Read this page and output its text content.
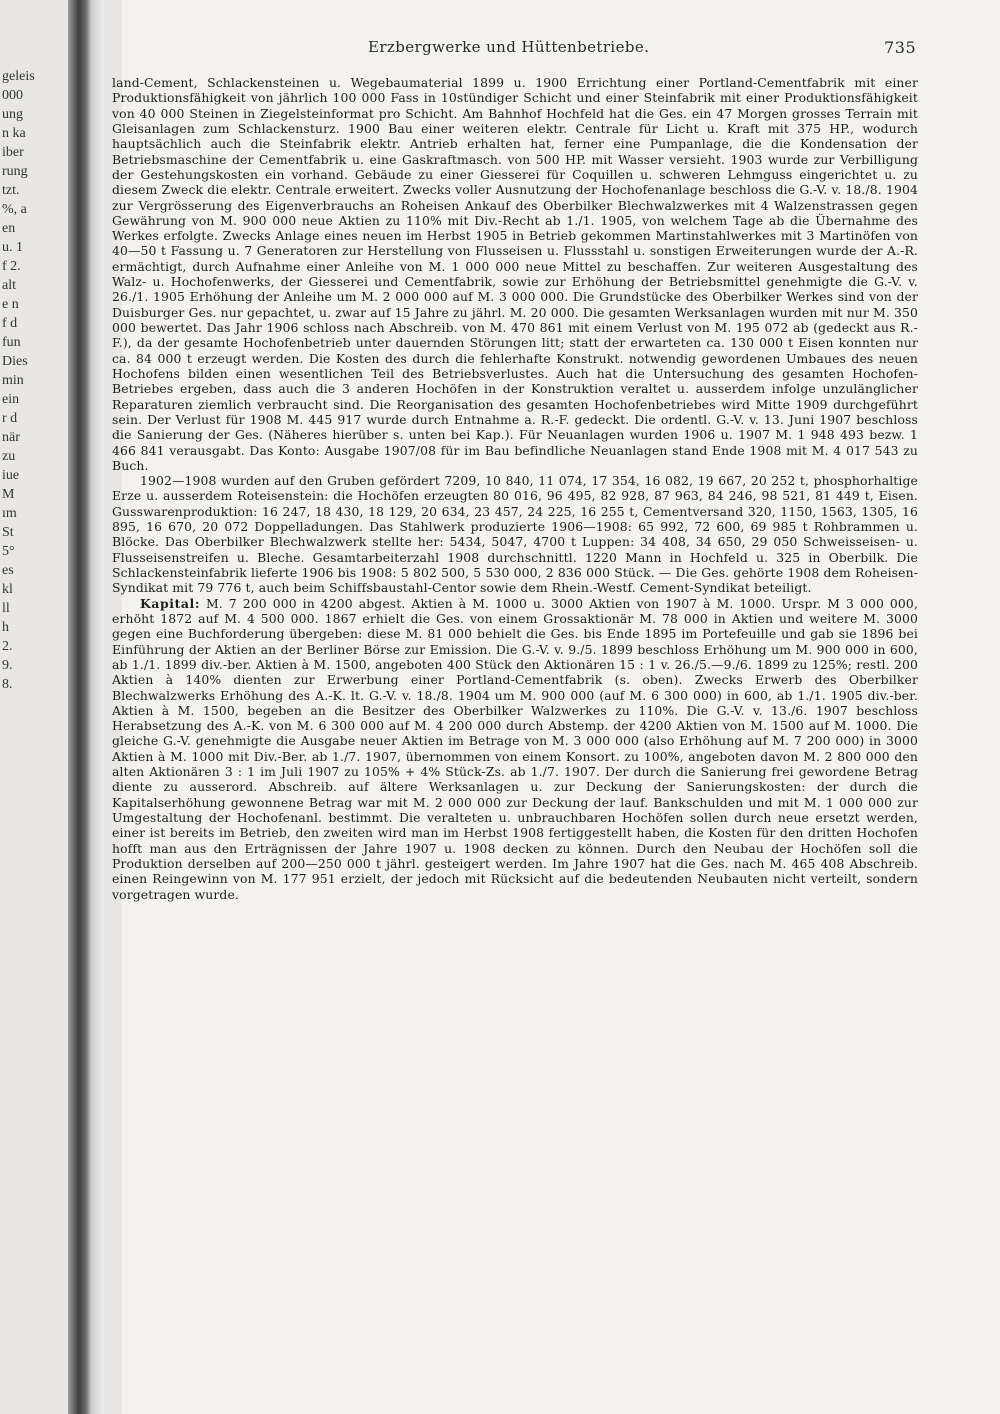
geleis
000
ung
n ka
iber
rung
tzt.
%, a
en
u. 1
f 2.
alt
e n
f d
fun
Dies
min
ein
r d
när
zu
iue
M
ım
St
5°
es
kl
ll
h
2.
9.
8.
Erzbergwerke und Hüttenbetriebe.	735

land-Cement, Schlackensteinen u. Wegebaumaterial 1899 u. 1900 Errichtung einer Portland-Cementfabrik mit einer Produktionsfähigkeit von jährlich 100 000 Fass in 10stündiger Schicht und einer Steinfabrik mit einer Produktionsfähigkeit von 40 000 Steinen in Ziegelsteinformat pro Schicht. Am Bahnhof Hochfeld hat die Ges. ein 47 Morgen grosses Terrain mit Gleisanlagen zum Schlackensturz. 1900 Bau einer weiteren elektr. Centrale für Licht u. Kraft mit 375 HP., wodurch hauptsächlich auch die Steinfabrik elektr. Antrieb erhalten hat, ferner eine Pumpanlage, die die Kondensation der Betriebsmaschine der Cementfabrik u. eine Gaskraftmasch. von 500 HP. mit Wasser versieht. 1903 wurde zur Verbilligung der Gestehungskosten ein vorhand. Gebäude zu einer Giesserei für Coquillen u. schweren Lehmguss eingerichtet u. zu diesem Zweck die elektr. Centrale erweitert. Zwecks voller Ausnutzung der Hochofenanlage beschloss die G.-V. v. 18./8. 1904 zur Vergrösserung des Eigenverbrauchs an Roheisen Ankauf des Oberbilker Blechwalzwerkes mit 4 Walzenstrassen gegen Gewährung von M. 900 000 neue Aktien zu 110% mit Div.-Recht ab 1./1. 1905, von welchem Tage ab die Übernahme des Werkes erfolgte. Zwecks Anlage eines neuen im Herbst 1905 in Betrieb gekommen Martinstahlwerkes mit 3 Martinöfen von 40—50 t Fassung u. 7 Generatoren zur Herstellung von Flusseisen u. Flussstahl u. sonstigen Erweiterungen wurde der A.-R. ermächtigt, durch Aufnahme einer Anleihe von M. 1 000 000 neue Mittel zu beschaffen. Zur weiteren Ausgestaltung des Walz- u. Hochofenwerks, der Giesserei und Cementfabrik, sowie zur Erhöhung der Betriebsmittel genehmigte die G.-V. v. 26./1. 1905 Erhöhung der Anleihe um M. 2 000 000 auf M. 3 000 000. Die Grundstücke des Oberbilker Werkes sind von der Duisburger Ges. nur gepachtet, u. zwar auf 15 Jahre zu jährl. M. 20 000. Die gesamten Werksanlagen wurden mit nur M. 350 000 bewertet. Das Jahr 1906 schloss nach Abschreib. von M. 470 861 mit einem Verlust von M. 195 072 ab (gedeckt aus R.-F.), da der gesamte Hochofenbetrieb unter dauernden Störungen litt; statt der erwarteten ca. 130 000 t Eisen konnten nur ca. 84 000 t erzeugt werden. Die Kosten des durch die fehlerhafte Konstrukt. notwendig gewordenen Umbaues des neuen Hochofens bilden einen wesentlichen Teil des Betriebsverlustes. Auch hat die Untersuchung des gesamten Hochofen-Betriebes ergeben, dass auch die 3 anderen Hochöfen in der Konstruktion veraltet u. ausserdem infolge unzulänglicher Reparaturen ziemlich verbraucht sind. Die Reorganisation des gesamten Hochofenbetriebes wird Mitte 1909 durchgeführt sein. Der Verlust für 1908 M. 445 917 wurde durch Entnahme a. R.-F. gedeckt. Die ordentl. G.-V. v. 13. Juni 1907 beschloss die Sanierung der Ges. (Näheres hierüber s. unten bei Kap.). Für Neuanlagen wurden 1906 u. 1907 M. 1 948 493 bezw. 1 466 841 verausgabt. Das Konto: Ausgabe 1907/08 für im Bau befindliche Neuanlagen stand Ende 1908 mit M. 4 017 543 zu Buch.

1902—1908 wurden auf den Gruben gefördert 7209, 10 840, 11 074, 17 354, 16 082, 19 667, 20 252 t, phosphorhaltige Erze u. ausserdem Roteisenstein: die Hochöfen erzeugten 80 016, 96 495, 82 928, 87 963, 84 246, 98 521, 81 449 t, Eisen. Gusswarenproduktion: 16 247, 18 430, 18 129, 20 634, 23 457, 24 225, 16 255 t, Cementversand 320, 1150, 1563, 1305, 16 895, 16 670, 20 072 Doppelladungen. Das Stahlwerk produzierte 1906—1908: 65 992, 72 600, 69 985 t Rohbrammen u. Blöcke. Das Oberbilker Blechwalzwerk stellte her: 5434, 5047, 4700 t Luppen: 34 408, 34 650, 29 050 Schweisseisen- u. Flusseisenstreifen u. Bleche. Gesamtarbeiterzahl 1908 durchschnittl. 1220 Mann in Hochfeld u. 325 in Oberbilk. Die Schlackensteinfabrik lieferte 1906 bis 1908: 5 802 500, 5 530 000, 2 836 000 Stück. — Die Ges. gehörte 1908 dem Roheisen-Syndikat mit 79 776 t, auch beim Schiffsbaustahl-Centor sowie dem Rhein.-Westf. Cement-Syndikat beteiligt.

Kapital: M. 7 200 000 in 4200 abgest. Aktien à M. 1000 u. 3000 Aktien von 1907 à M. 1000. Urspr. M 3 000 000, erhöht 1872 auf M. 4 500 000. 1867 erhielt die Ges. von einem Grossaktionär M. 78 000 in Aktien und weitere M. 3000 gegen eine Buchforderung übergeben: diese M. 81 000 behielt die Ges. bis Ende 1895 im Portefeuille und gab sie 1896 bei Einführung der Aktien an der Berliner Börse zur Emission. Die G.-V. v. 9./5. 1899 beschloss Erhöhung um M. 900 000 in 600, ab 1./1. 1899 div.-ber. Aktien à M. 1500, angeboten 400 Stück den Aktionären 15 : 1 v. 26./5.—9./6. 1899 zu 125%; restl. 200 Aktien à 140% dienten zur Erwerbung einer Portland-Cementfabrik (s. oben). Zwecks Erwerb des Oberbilker Blechwalzwerks Erhöhung des A.-K. lt. G.-V. v. 18./8. 1904 um M. 900 000 (auf M. 6 300 000) in 600, ab 1./1. 1905 div.-ber. Aktien à M. 1500, begeben an die Besitzer des Oberbilker Walzwerkes zu 110%. Die G.-V. v. 13./6. 1907 beschloss Herabsetzung des A.-K. von M. 6 300 000 auf M. 4 200 000 durch Abstemp. der 4200 Aktien von M. 1500 auf M. 1000. Die gleiche G.-V. genehmigte die Ausgabe neuer Aktien im Betrage von M. 3 000 000 (also Erhöhung auf M. 7 200 000) in 3000 Aktien à M. 1000 mit Div.-Ber. ab 1./7. 1907, übernommen von einem Konsort. zu 100%, angeboten davon M. 2 800 000 den alten Aktionären 3 : 1 im Juli 1907 zu 105% + 4% Stück-Zs. ab 1./7. 1907. Der durch die Sanierung frei gewordene Betrag diente zu ausserord. Abschreib. auf ältere Werksanlagen u. zur Deckung der Sanierungskosten: der durch die Kapitalserhöhung gewonnene Betrag war mit M. 2 000 000 zur Deckung der lauf. Bankschulden und mit M. 1 000 000 zur Umgestaltung der Hochofenanl. bestimmt. Die veralteten u. unbrauchbaren Hochöfen sollen durch neue ersetzt werden, einer ist bereits im Betrieb, den zweiten wird man im Herbst 1908 fertiggestellt haben, die Kosten für den dritten Hochofen hofft man aus den Erträgnissen der Jahre 1907 u. 1908 decken zu können. Durch den Neubau der Hochöfen soll die Produktion derselben auf 200—250 000 t jährl. gesteigert werden. Im Jahre 1907 hat die Ges. nach M. 465 408 Abschreib. einen Reingewinn von M. 177 951 erzielt, der jedoch mit Rücksicht auf die bedeutenden Neubauten nicht verteilt, sondern vorgetragen wurde.
